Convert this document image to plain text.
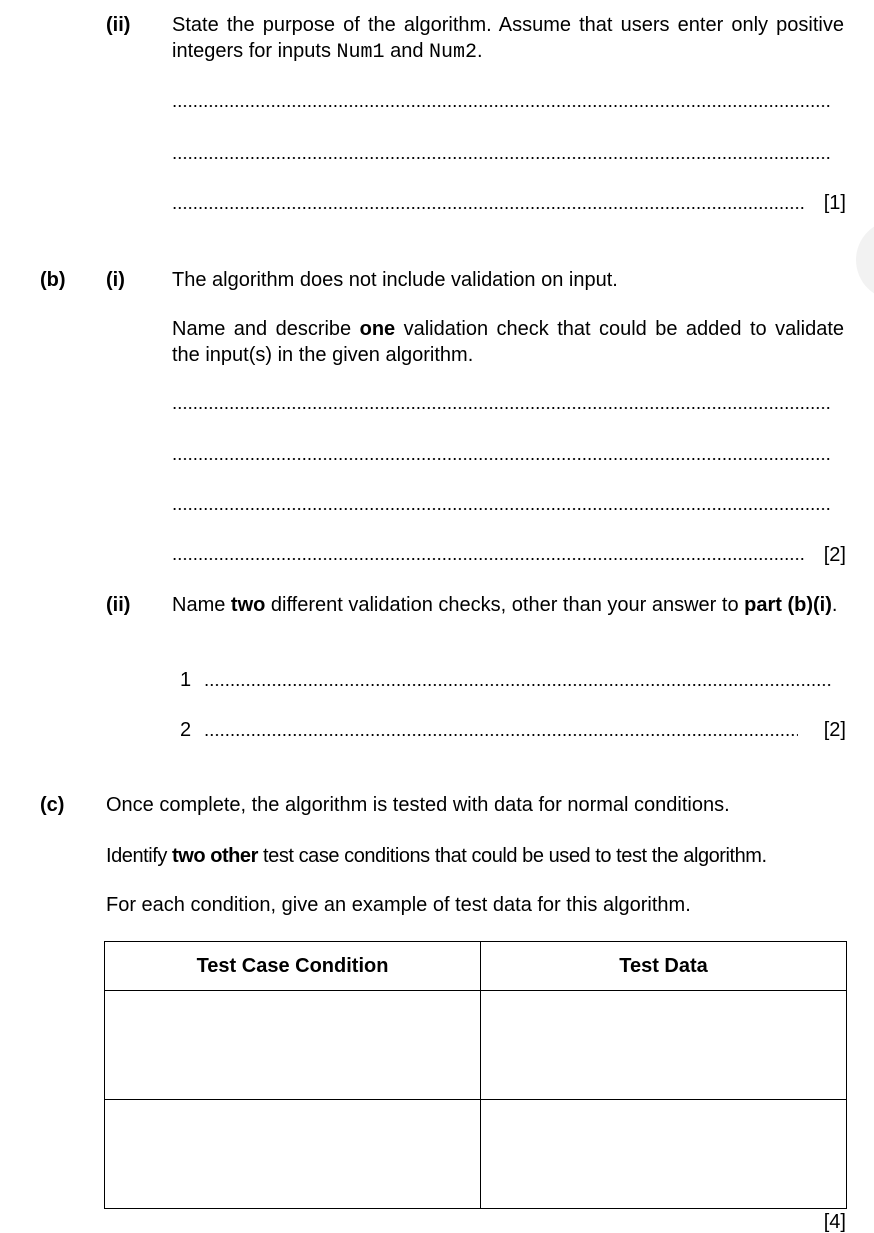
(ii) State the purpose of the algorithm. Assume that users enter only positive integers for inputs Num1 and Num2.
[1]
(b) (i) The algorithm does not include validation on input.
Name and describe one validation check that could be added to validate the input(s) in the given algorithm.
[2]
(ii) Name two different validation checks, other than your answer to part (b)(i).
1
2	[2]
(c) Once complete, the algorithm is tested with data for normal conditions.
Identify two other test case conditions that could be used to test the algorithm.
For each condition, give an example of test data for this algorithm.
Test Case Condition	Test Data

[4]
